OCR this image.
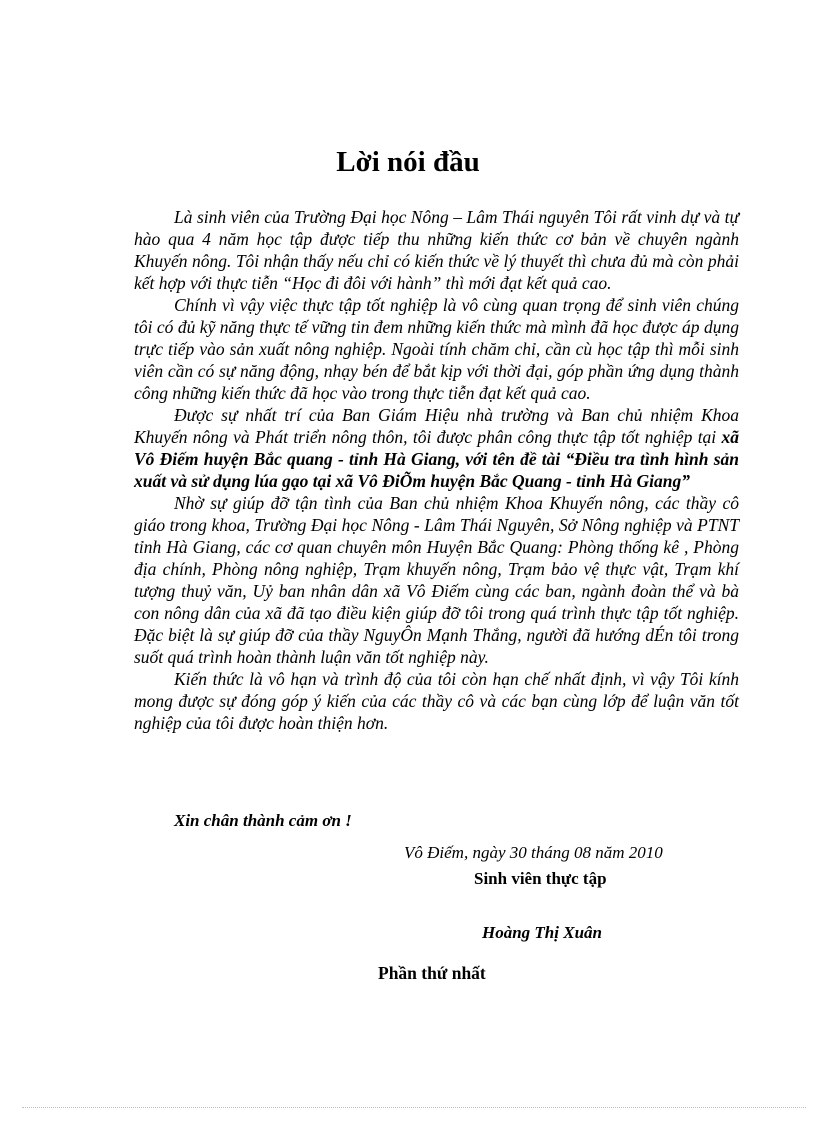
Lời nói đầu

Là sinh viên của Trường Đại học Nông – Lâm Thái nguyên Tôi rất vinh dự và tự hào qua 4 năm học tập được tiếp thu những kiến thức cơ bản về chuyên ngành Khuyến nông. Tôi nhận thấy nếu chỉ có kiến thức về lý thuyết thì chưa đủ mà còn phải kết hợp với thực tiễn “Học đi đôi với hành” thì mới đạt kết quả cao.

Chính vì vậy việc thực tập tốt nghiệp là vô cùng quan trọng để sinh viên chúng tôi có đủ kỹ năng thực tế vững tin đem những kiến thức mà mình đã học được áp dụng trực tiếp vào sản xuất nông nghiệp. Ngoài tính chăm chỉ, cần cù học tập thì mỗi sinh viên cần có sự năng động, nhạy bén để bắt kịp với thời đại, góp phần ứng dụng thành công những kiến thức đã học vào trong thực tiễn đạt kết quả cao.

Được sự nhất trí của Ban Giám Hiệu nhà trường và Ban chủ nhiệm Khoa Khuyến nông và Phát triển nông thôn, tôi được phân công thực tập tốt nghiệp tại xã Vô Điếm huyện Bắc quang - tỉnh Hà Giang, với tên đề tài “Điều tra tình hình sản xuất và sử dụng lúa gạo tại xã Vô ĐiÕm huyện Bắc Quang - tỉnh Hà Giang”

Nhờ sự giúp đỡ tận tình của Ban chủ nhiệm Khoa Khuyến nông, các thầy cô giáo trong khoa, Trường Đại học Nông - Lâm Thái Nguyên, Sở Nông nghiệp và PTNT tỉnh Hà Giang, các cơ quan chuyên môn Huyện Bắc Quang: Phòng thống kê , Phòng địa chính, Phòng nông nghiệp, Trạm khuyến nông, Trạm bảo vệ thực vật, Trạm khí tượng thuỷ văn, Uỷ ban nhân dân xã Vô Điếm cùng các ban, ngành đoàn thể và bà con nông dân của xã đã tạo điều kiện giúp đỡ tôi trong quá trình thực tập tốt nghiệp. Đặc biệt là sự giúp đỡ của thầy NguyÔn Mạnh Thắng, người đã hướng dÉn tôi trong suốt quá trình hoàn thành luận văn tốt nghiệp này.

Kiến thức là vô hạn và trình độ của tôi còn hạn chế nhất định, vì vậy Tôi kính mong được sự đóng góp ý kiến của các thầy cô và các bạn cùng lớp để luận văn tốt nghiệp của tôi được hoàn thiện hơn.

Xin chân thành cảm ơn !
Vô Điếm, ngày 30 tháng 08 năm 2010
Sinh viên thực tập
Hoàng Thị Xuân
Phần thứ nhất
